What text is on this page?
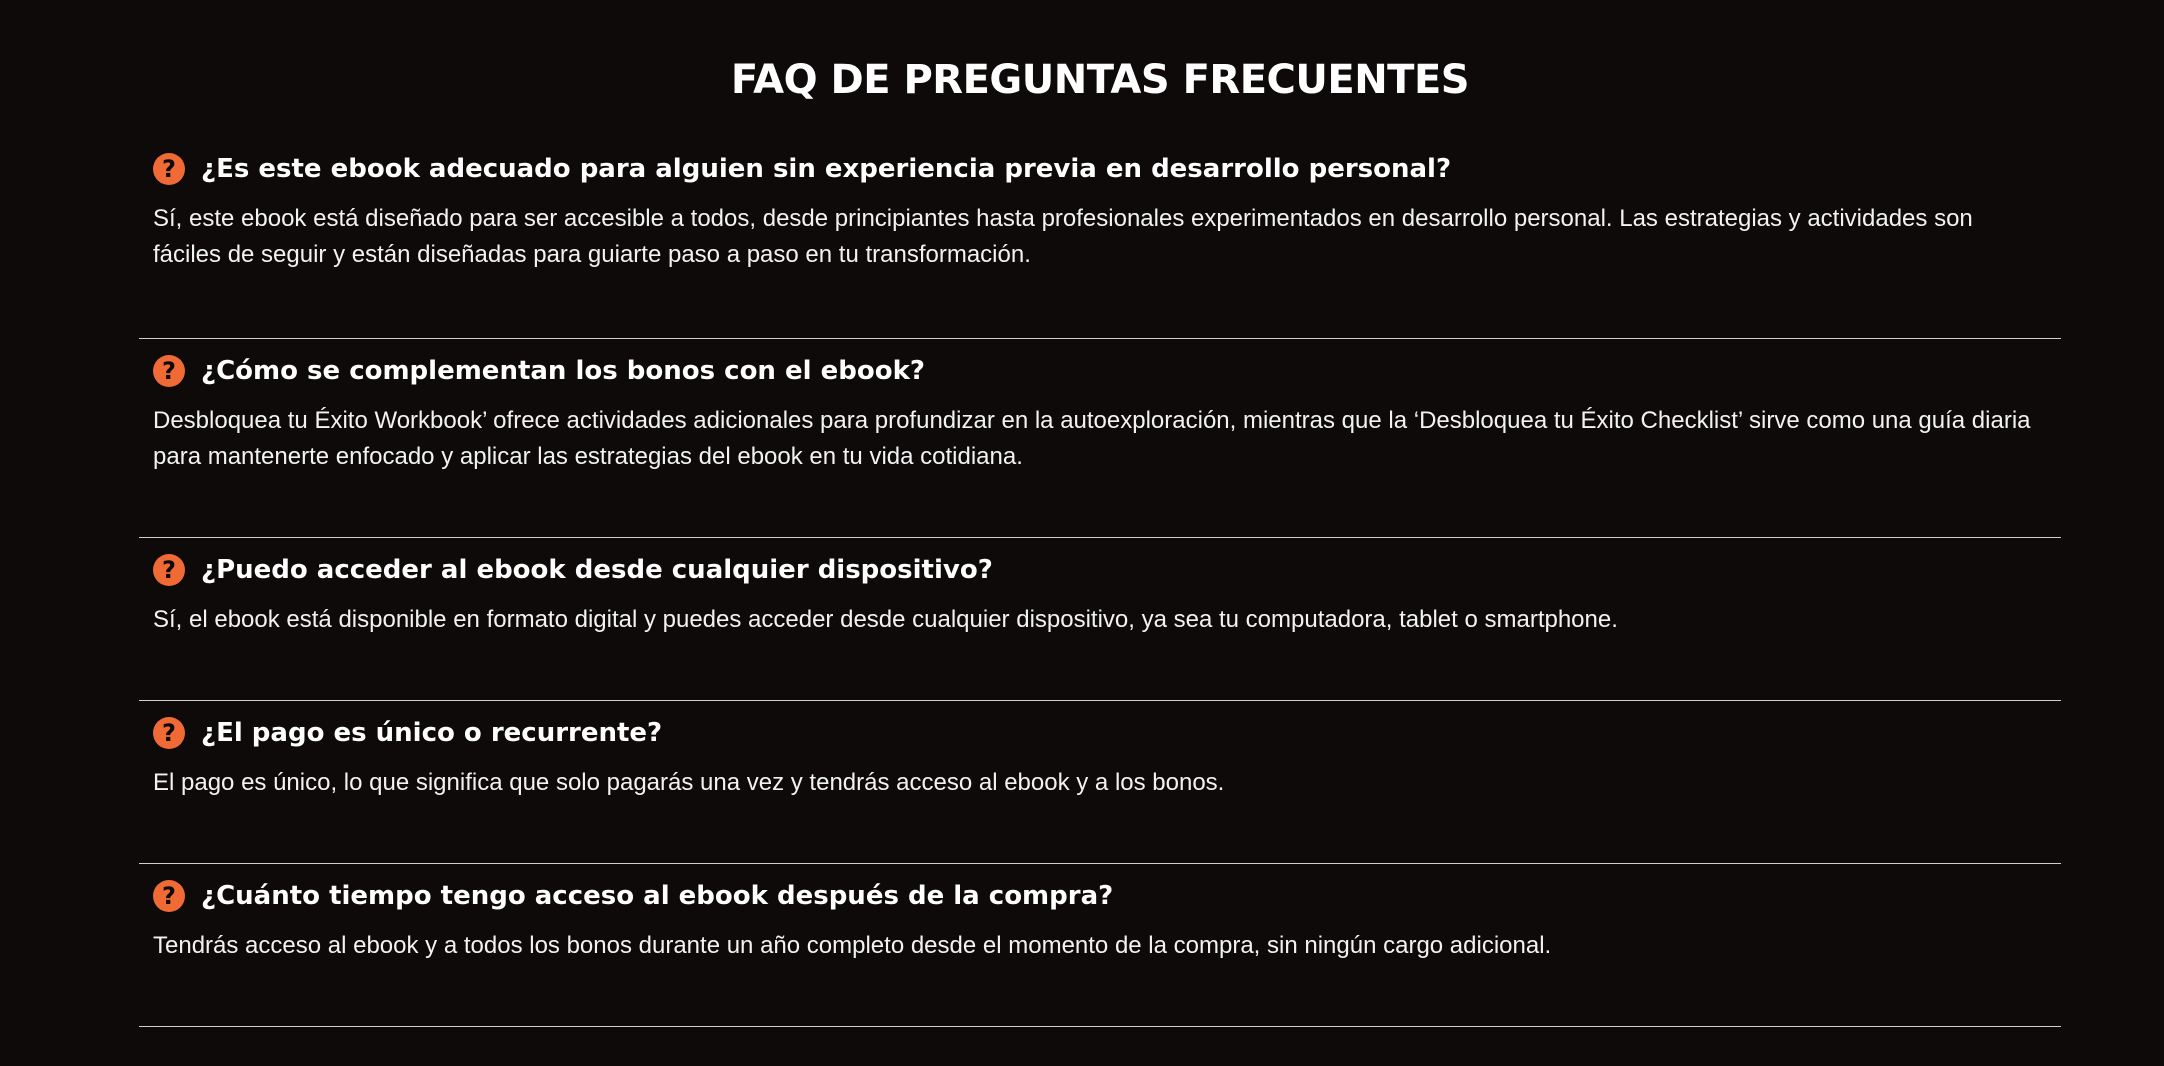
FAQ DE PREGUNTAS FRECUENTES
? ¿Es este ebook adecuado para alguien sin experiencia previa en desarrollo personal?
Sí, este ebook está diseñado para ser accesible a todos, desde principiantes hasta profesionales experimentados en desarrollo personal. Las estrategias y actividades son fáciles de seguir y están diseñadas para guiarte paso a paso en tu transformación.
? ¿Cómo se complementan los bonos con el ebook?
Desbloquea tu Éxito Workbook’ ofrece actividades adicionales para profundizar en la autoexploración, mientras que la ‘Desbloquea tu Éxito Checklist’ sirve como una guía diaria para mantenerte enfocado y aplicar las estrategias del ebook en tu vida cotidiana.
? ¿Puedo acceder al ebook desde cualquier dispositivo?
Sí, el ebook está disponible en formato digital y puedes acceder desde cualquier dispositivo, ya sea tu computadora, tablet o smartphone.
? ¿El pago es único o recurrente?
El pago es único, lo que significa que solo pagarás una vez y tendrás acceso al ebook y a los bonos.
? ¿Cuánto tiempo tengo acceso al ebook después de la compra?
Tendrás acceso al ebook y a todos los bonos durante un año completo desde el momento de la compra, sin ningún cargo adicional.
